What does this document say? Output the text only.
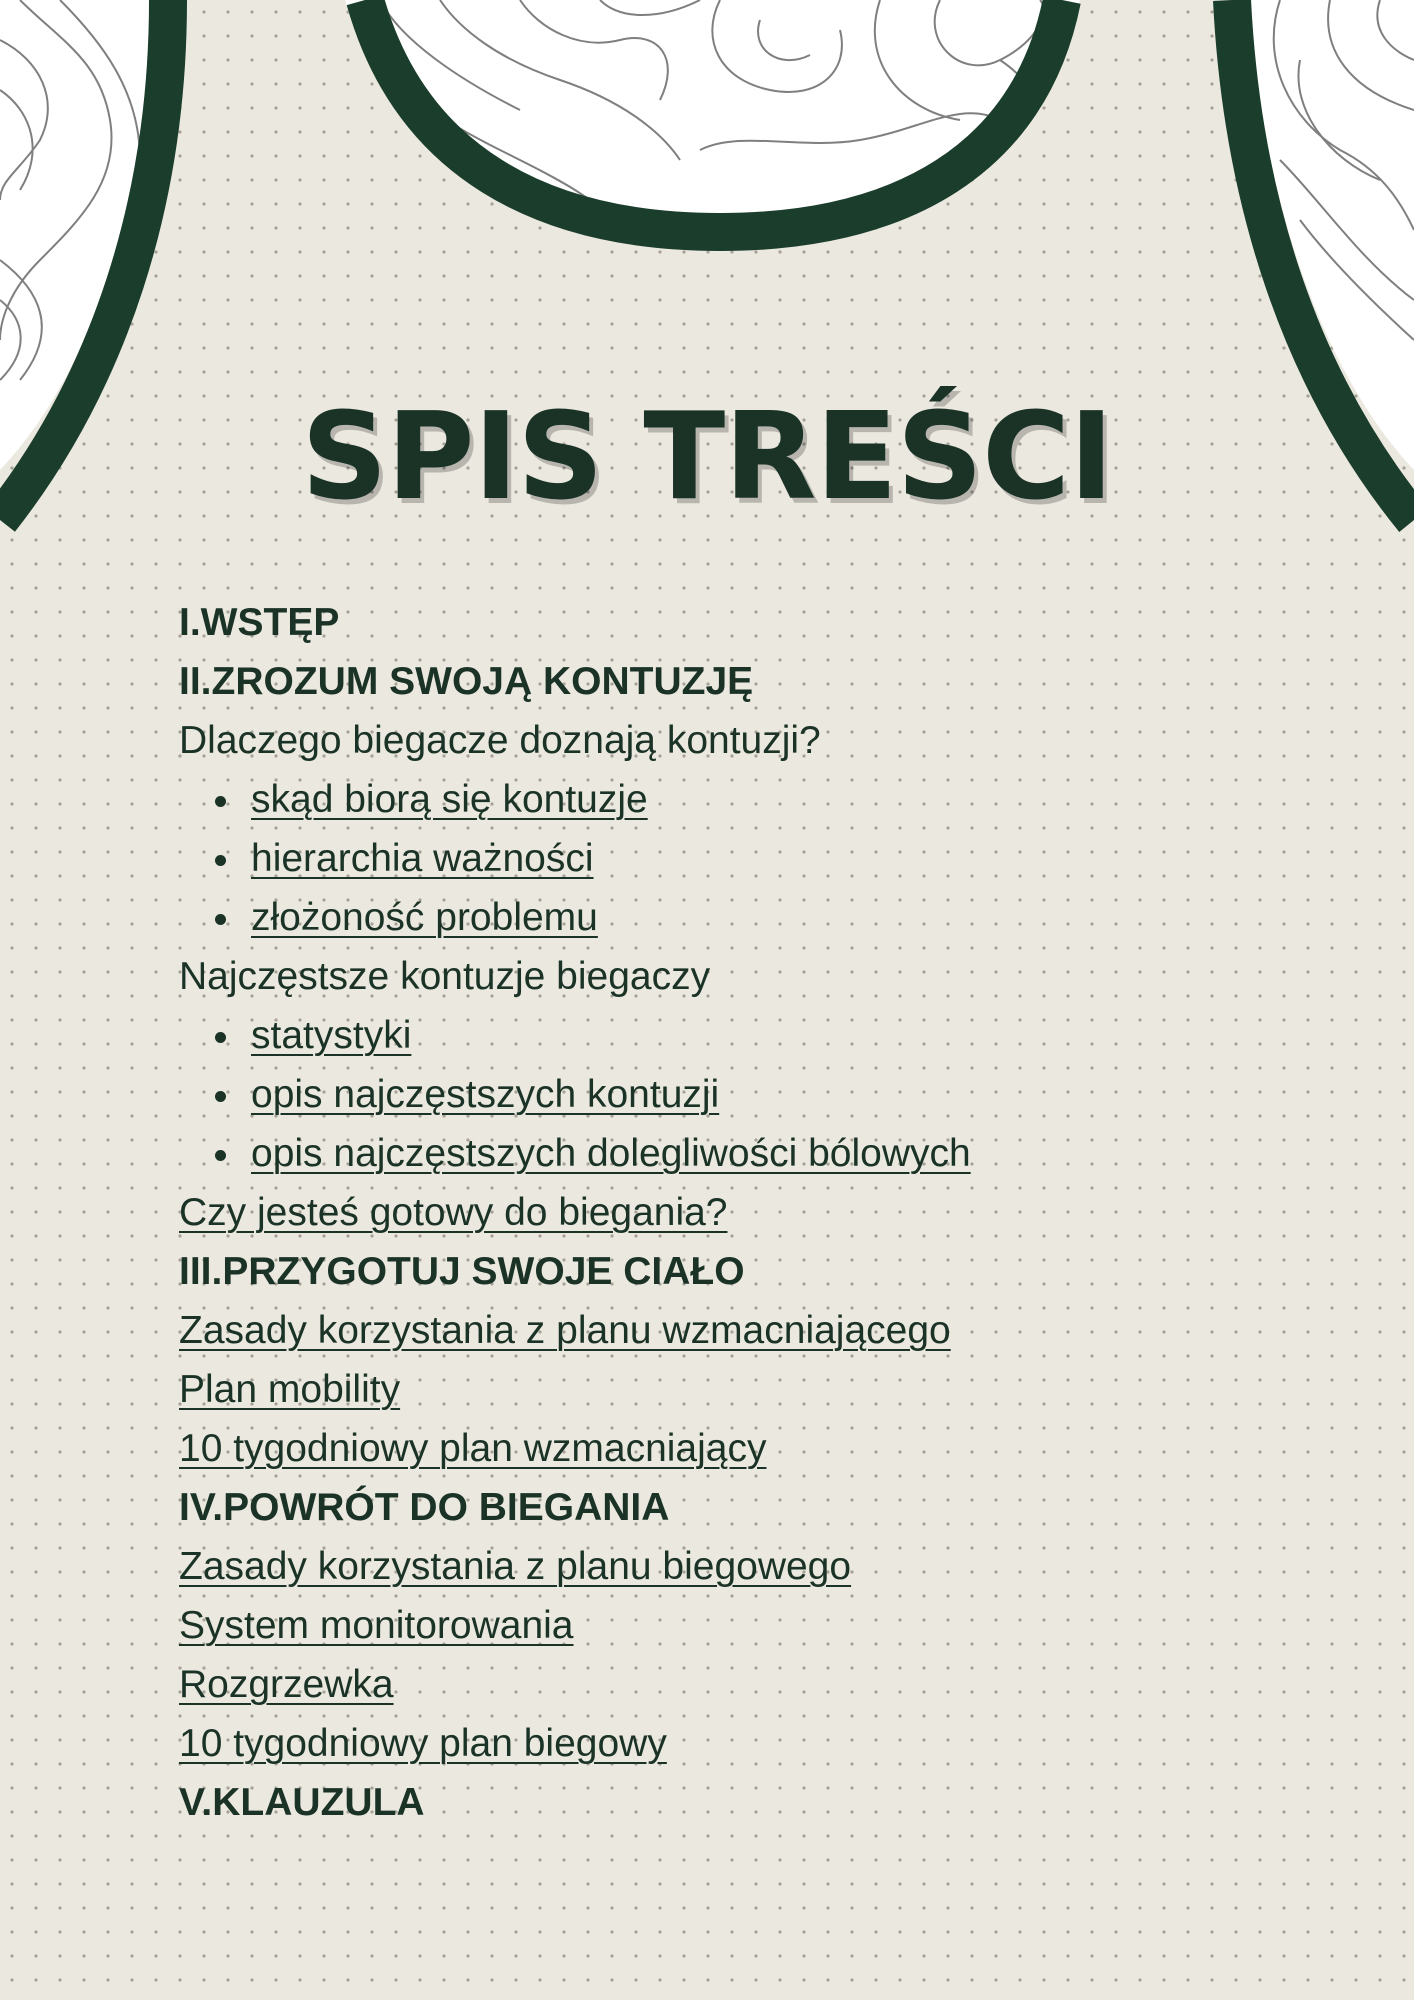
SPIS TREŚCI
I.WSTĘP
II.ZROZUM SWOJĄ KONTUZJĘ
Dlaczego biegacze doznają kontuzji?
skąd biorą się kontuzje
hierarchia ważności
złożoność problemu
Najczęstsze kontuzje biegaczy
statystyki
opis najczęstszych kontuzji
opis najczęstszych dolegliwości bólowych
Czy jesteś gotowy do biegania?
III.PRZYGOTUJ SWOJE CIAŁO
Zasady korzystania z planu wzmacniającego
Plan mobility
10 tygodniowy plan wzmacniający
IV.POWRÓT DO BIEGANIA
Zasady korzystania z planu biegowego
System monitorowania
Rozgrzewka
10 tygodniowy plan biegowy
V.KLAUZULA
